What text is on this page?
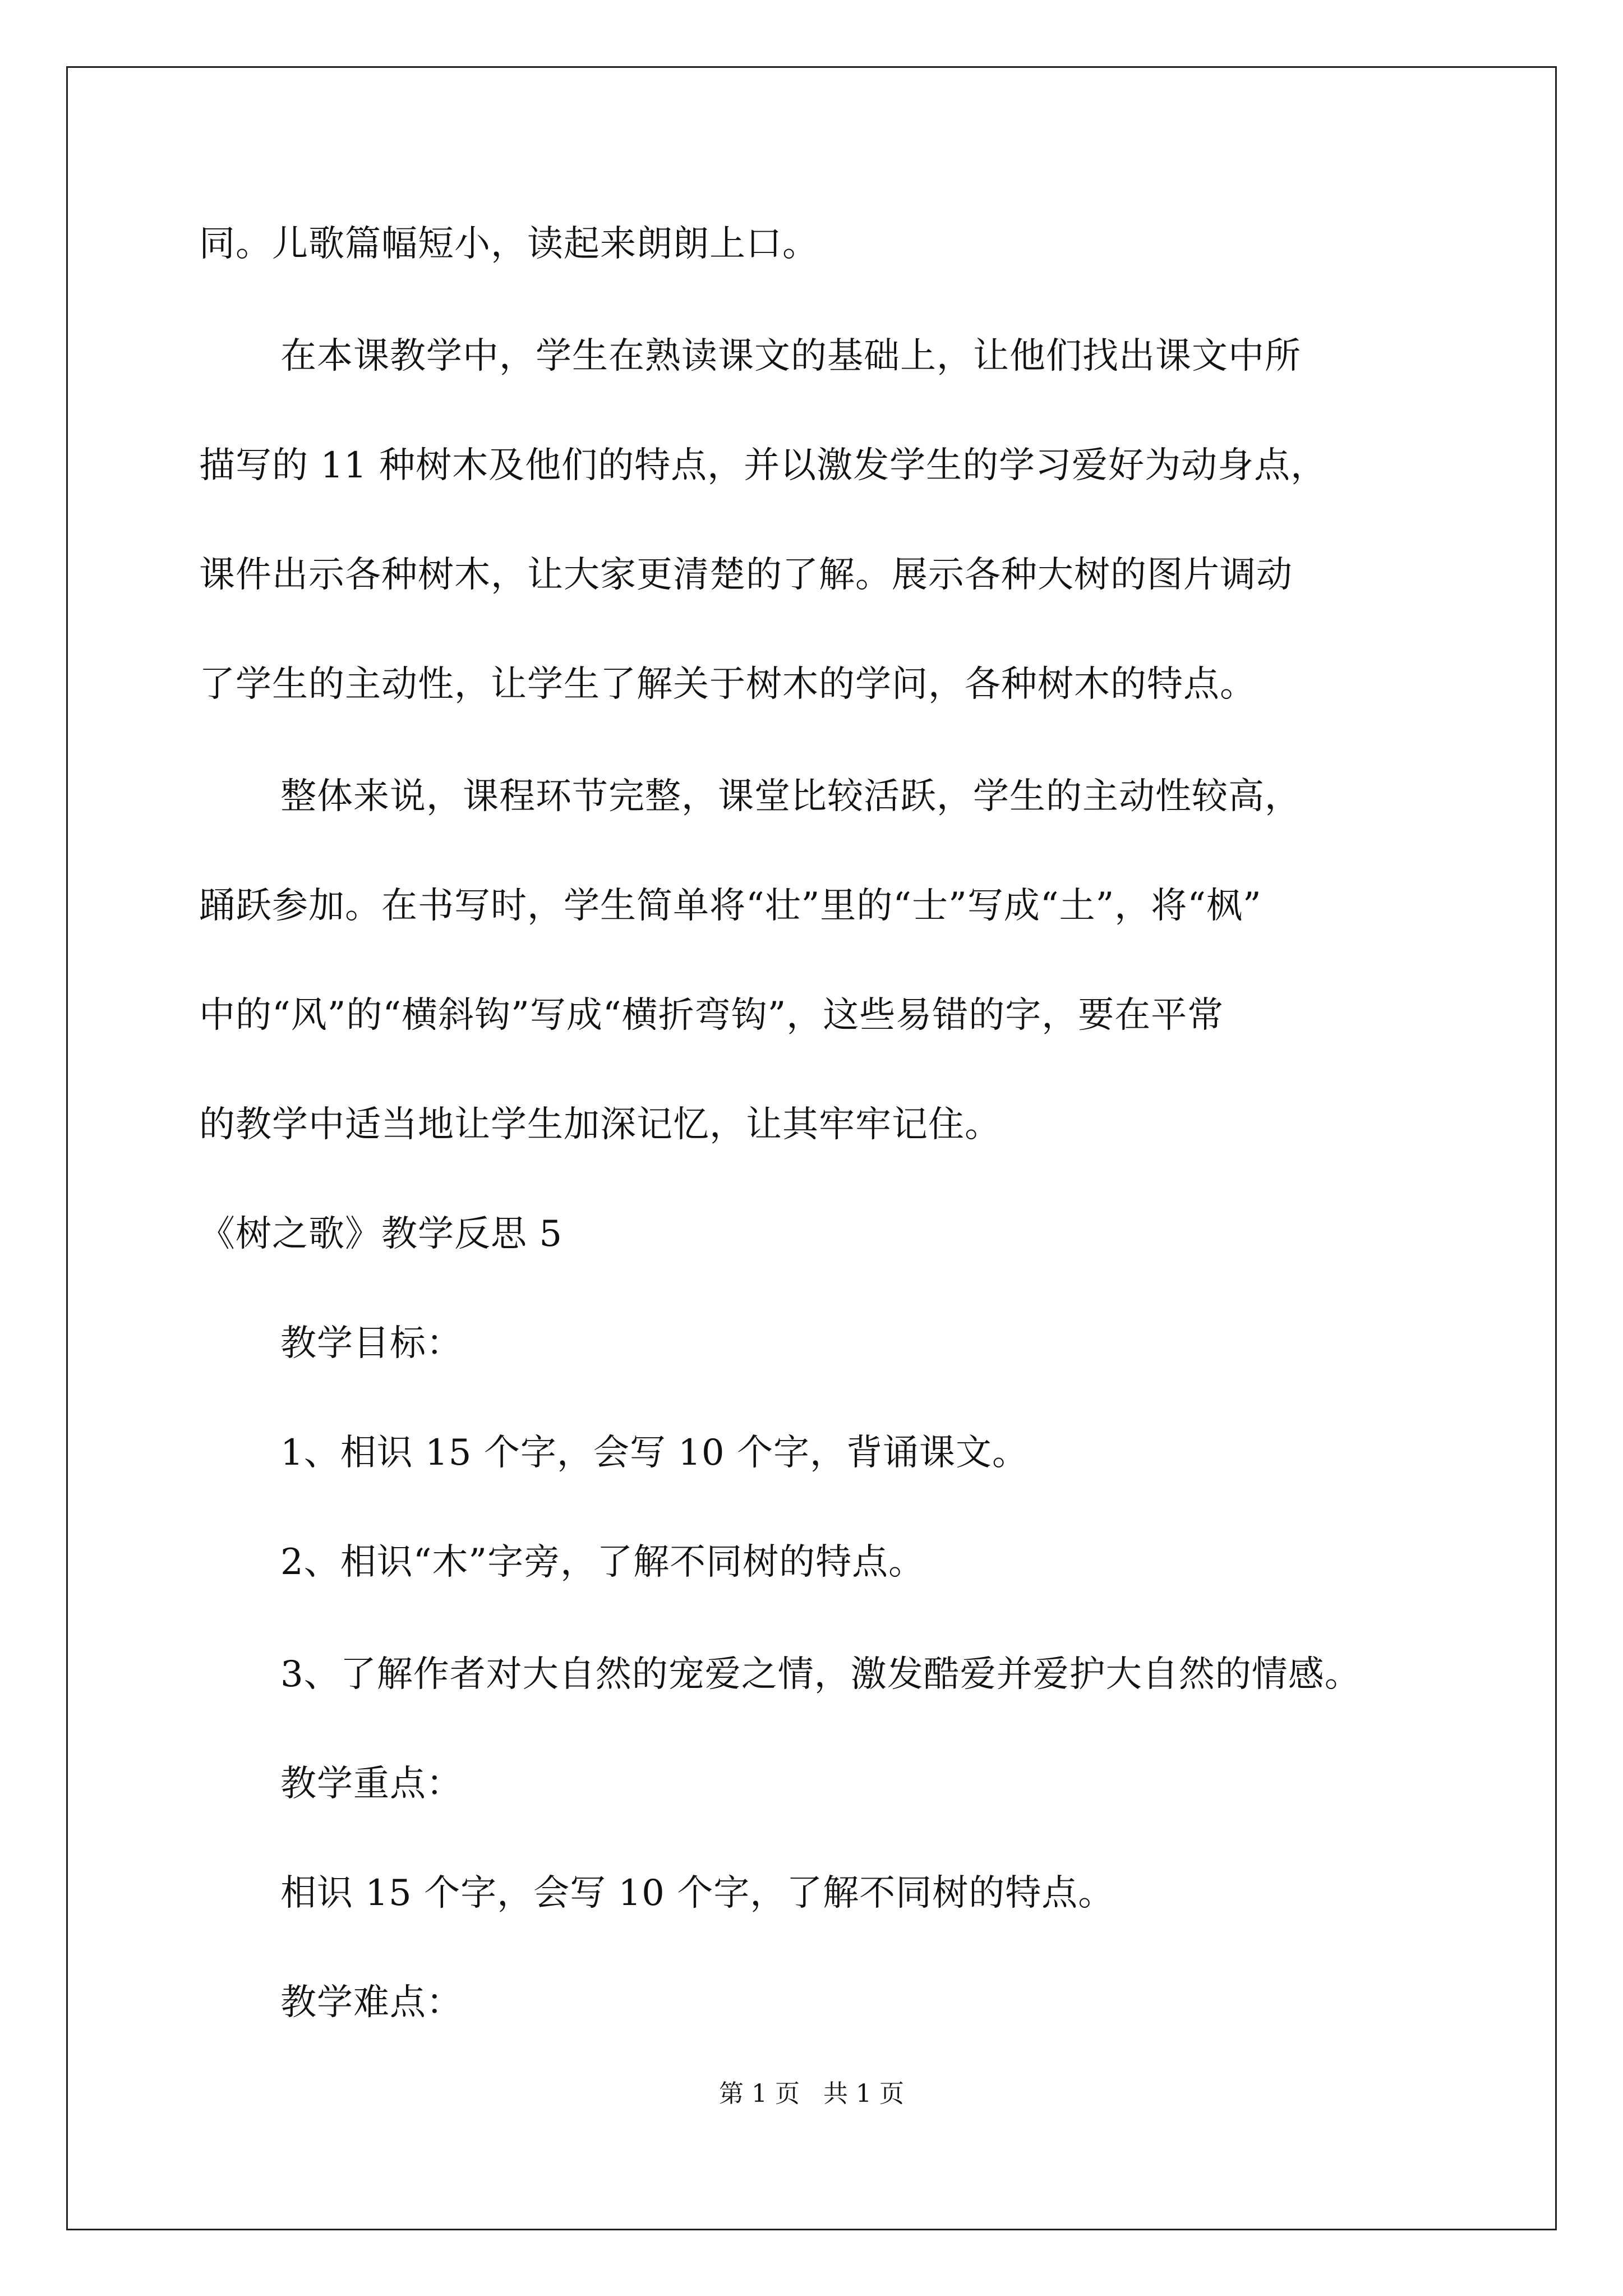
同。儿歌篇幅短小，读起来朗朗上口。
在本课教学中，学生在熟读课文的基础上，让他们找出课文中所
描写的 11 种树木及他们的特点，并以激发学生的学习爱好为动身点，
课件出示各种树木，让大家更清楚的了解。展示各种大树的图片调动
了学生的主动性，让学生了解关于树木的学问，各种树木的特点。
整体来说，课程环节完整，课堂比较活跃，学生的主动性较高，
踊跃参加。在书写时，学生简单将“壮”里的“士”写成“土”，将“枫”
中的“风”的“横斜钩”写成“横折弯钩”，这些易错的字，要在平常
的教学中适当地让学生加深记忆，让其牢牢记住。
《树之歌》教学反思 5
教学目标：
1、相识 15 个字，会写 10 个字，背诵课文。
2、相识“木”字旁，了解不同树的特点。
3、了解作者对大自然的宠爱之情，激发酷爱并爱护大自然的情感。
教学重点：
相识 15 个字，会写 10 个字，了解不同树的特点。
教学难点：
第 1 页 共 1 页
